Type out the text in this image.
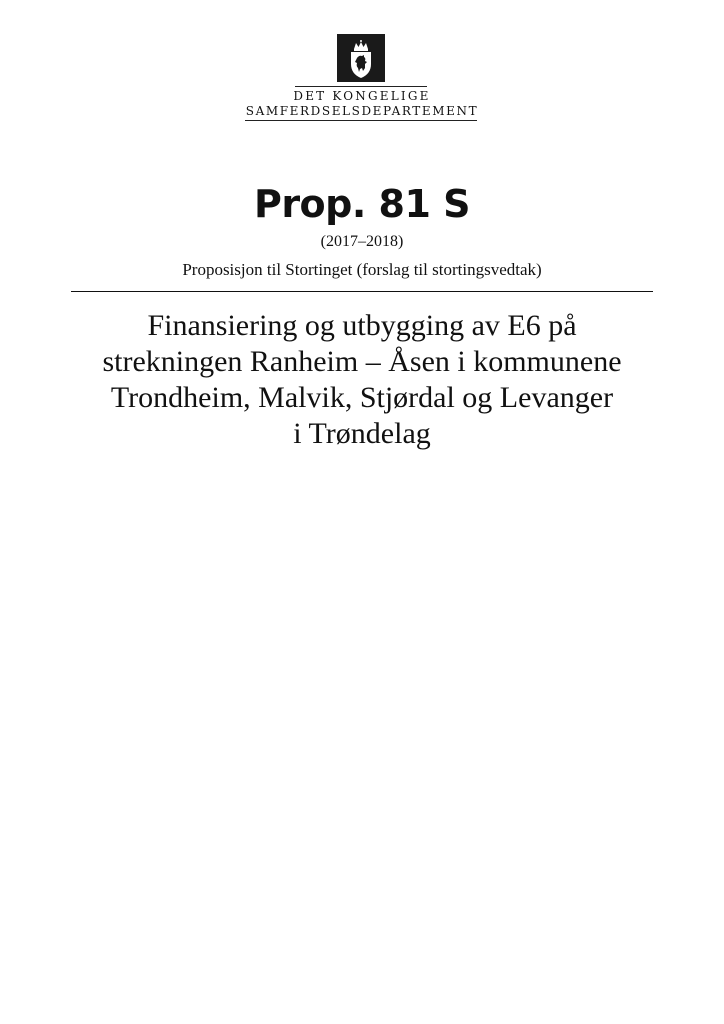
DET KONGELIGE
SAMFERDSELSDEPARTEMENT
Prop. 81 S
(2017–2018)
Proposisjon til Stortinget (forslag til stortingsvedtak)
Finansiering og utbygging av E6 på
strekningen Ranheim – Åsen i kommunene
Trondheim, Malvik, Stjørdal og Levanger
i Trøndelag
